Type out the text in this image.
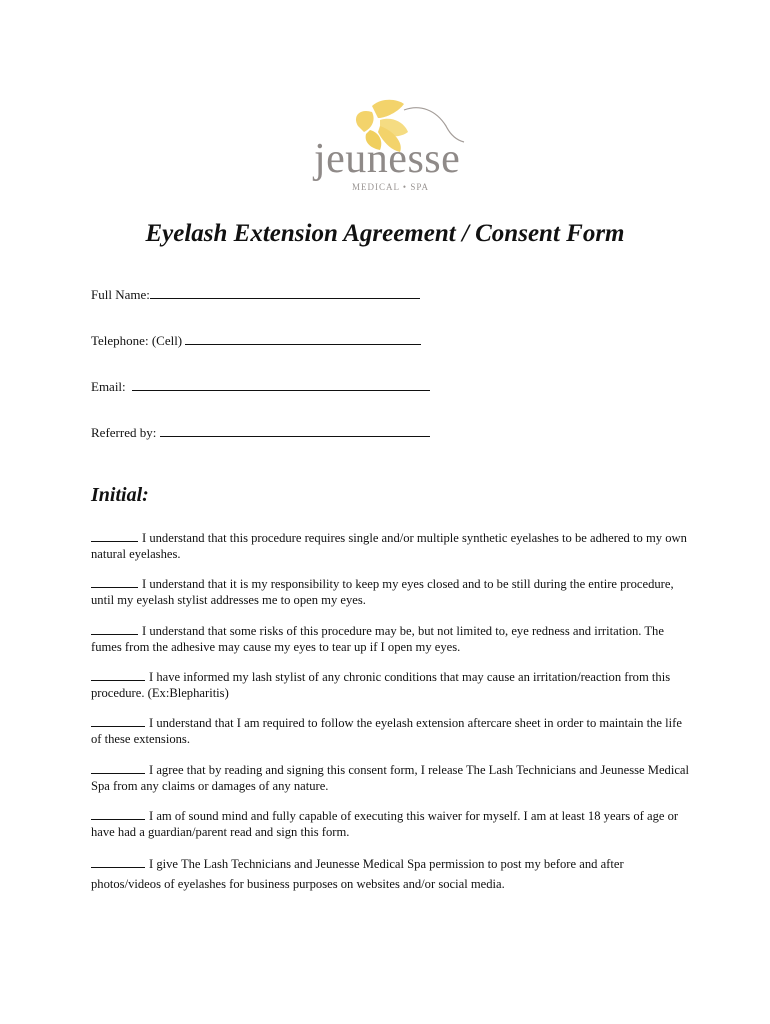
jeunesse
MEDICAL • SPA
Eyelash Extension Agreement / Consent Form
Full Name:
Telephone: (Cell)
Email:
Referred by:
Initial:

I understand that this procedure requires single and/or multiple synthetic eyelashes to be adhered to my own natural eyelashes.

I understand that it is my responsibility to keep my eyes closed and to be still during the entire procedure, until my eyelash stylist addresses me to open my eyes.

I understand that some risks of this procedure may be, but not limited to, eye redness and irritation. The fumes from the adhesive may cause my eyes to tear up if I open my eyes.

I have informed my lash stylist of any chronic conditions that may cause an irritation/reaction from this procedure. (Ex:Blepharitis)

I understand that I am required to follow the eyelash extension aftercare sheet in order to maintain the life of these extensions.

I agree that by reading and signing this consent form, I release The Lash Technicians and Jeunesse Medical Spa from any claims or damages of any nature.

I am of sound mind and fully capable of executing this waiver for myself. I am at least 18 years of age or have had a guardian/parent read and sign this form.

I give The Lash Technicians and Jeunesse Medical Spa permission to post my before and after photos/videos of eyelashes for business purposes on websites and/or social media.
